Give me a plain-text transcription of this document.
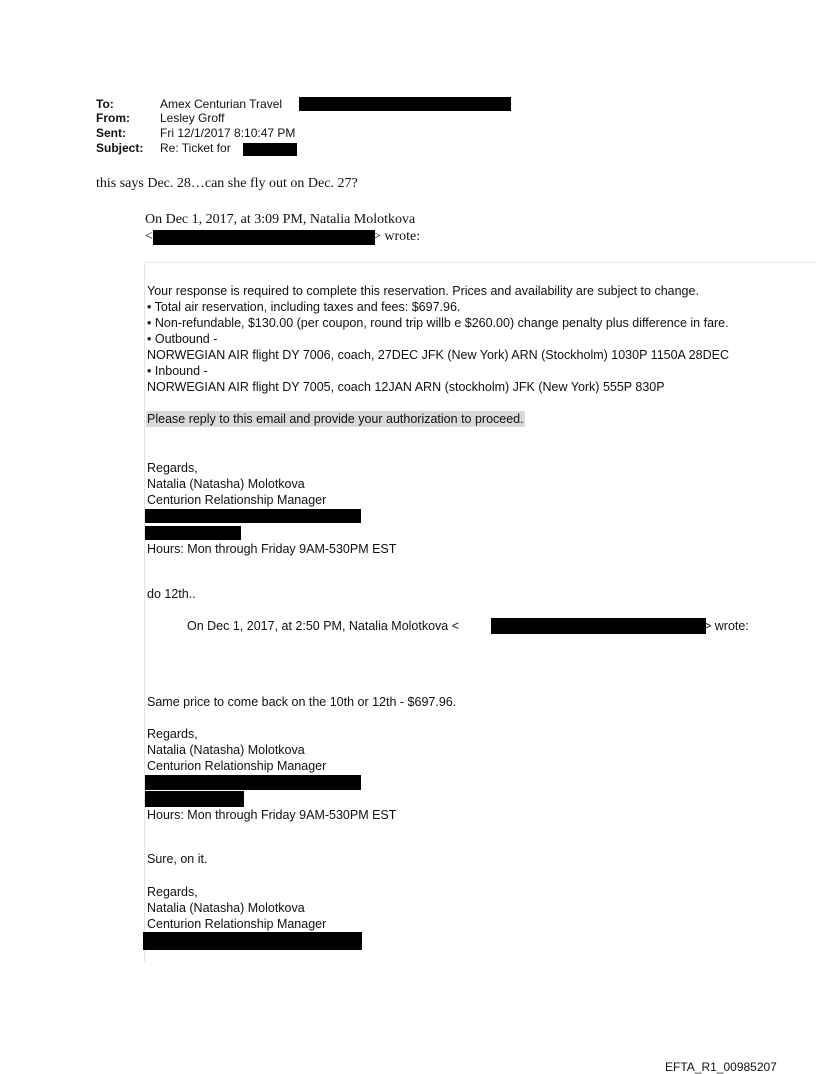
To:	Amex Centurian Travel
From:	Lesley Groff
Sent:	Fri 12/1/2017 8:10:47 PM
Subject: Re: Ticket for
this says Dec. 28…can she fly out on Dec. 27?
On Dec 1, 2017, at 3:09 PM, Natalia Molotkova
<	> wrote:
Your response is required to complete this reservation. Prices and availability are subject to change.
• Total air reservation, including taxes and fees: $697.96.
• Non-refundable, $130.00 (per coupon, round trip willb e $260.00) change penalty plus difference in fare.
• Outbound -
NORWEGIAN AIR flight DY 7006, coach, 27DEC JFK (New York) ARN (Stockholm) 1030P 1150A 28DEC
• Inbound -
NORWEGIAN AIR flight DY 7005, coach 12JAN ARN (stockholm) JFK (New York) 555P 830P
Please reply to this email and provide your authorization to proceed.
Regards,
Natalia (Natasha) Molotkova
Centurion Relationship Manager
Hours: Mon through Friday 9AM-530PM EST
do 12th..
On Dec 1, 2017, at 2:50 PM, Natalia Molotkova <	> wrote:
Same price to come back on the 10th or 12th - $697.96.
Regards,
Natalia (Natasha) Molotkova
Centurion Relationship Manager
Hours: Mon through Friday 9AM-530PM EST
Sure, on it.
Regards,
Natalia (Natasha) Molotkova
Centurion Relationship Manager
EFTA_R1_00985207
